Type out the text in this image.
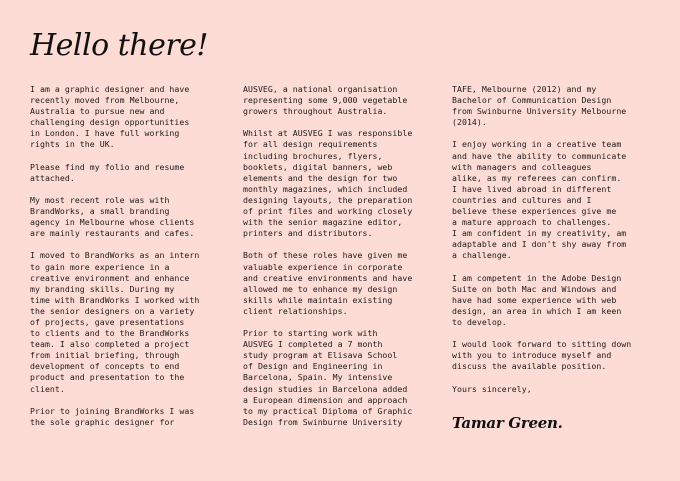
Hello there!

I am a graphic designer and have
recently moved from Melbourne,
Australia to pursue new and
challenging design opportunities
in London. I have full working
rights in the UK.

Please find my folio and resume
attached.

My most recent role was with
BrandWorks, a small branding
agency in Melbourne whose clients
are mainly restaurants and cafes.

I moved to BrandWorks as an intern
to gain more experience in a
creative environment and enhance
my branding skills. During my
time with BrandWorks I worked with
the senior designers on a variety
of projects, gave presentations
to clients and to the BrandWorks
team. I also completed a project
from initial briefing, through
development of concepts to end
product and presentation to the
client.

Prior to joining BrandWorks I was
the sole graphic designer for

AUSVEG, a national organisation
representing some 9,000 vegetable
growers throughout Australia.

Whilst at AUSVEG I was responsible
for all design requirements
including brochures, flyers,
booklets, digital banners, web
elements and the design for two
monthly magazines, which included
designing layouts, the preparation
of print files and working closely
with the senior magazine editor,
printers and distributors.

Both of these roles have given me
valuable experience in corporate
and creative environments and have
allowed me to enhance my design
skills while maintain existing
client relationships.

Prior to starting work with
AUSVEG I completed a 7 month
study program at Elisava School
of Design and Engineering in
Barcelona, Spain. My intensive
design studies in Barcelona added
a European dimension and approach
to my practical Diploma of Graphic
Design from Swinburne University

TAFE, Melbourne (2012) and my
Bachelor of Communication Design
from Swinburne University Melbourne
(2014).

I enjoy working in a creative team
and have the ability to communicate
with managers and colleagues
alike, as my referees can confirm.
I have lived abroad in different
countries and cultures and I
believe these experiences give me
a mature approach to challenges.
I am confident in my creativity, am
adaptable and I don't shy away from
a challenge.

I am competent in the Adobe Design
Suite on both Mac and Windows and
have had some experience with web
design, an area in which I am keen
to develop.

I would look forward to sitting down
with you to introduce myself and
discuss the available position.

Yours sincerely,

Tamar Green.
